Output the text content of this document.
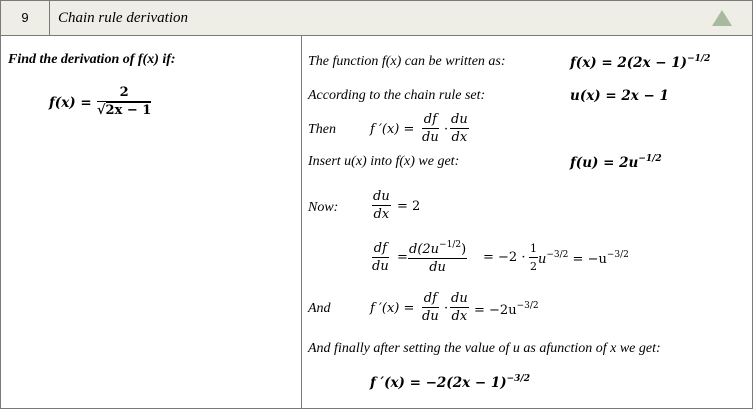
9	Chain rule derivation
Find the derivation of f(x) if:
$f(x) = \frac{2}{√2x - 1}$
The function f(x) can be written as:	$f(x) = 2(2x - 1)^{-1/2}$
According to the chain rule set:	u(x) = 2x − 1
Then	f $'(x) = \frac{df}{du} \cdot \frac{du}{dx}$
Insert u(x) into f(x) we get:	$f(u) = 2u^{-1/2}$
Now:	$\frac{du}{dx} = 2$
$\frac{df}{du} = \frac{d(2u^{-1/2})}{du} = -2 \cdot \frac{1}{2} u^{-3/2} = -u^{-3/2}$
And	f $'(x) = \frac{df}{du} \cdot \frac{du}{dx} = -2u^{-3/2}$
And finally after setting the value of u as afunction of x we get:
f $'(x) = -2(2x - 1)^{-3/2}$
